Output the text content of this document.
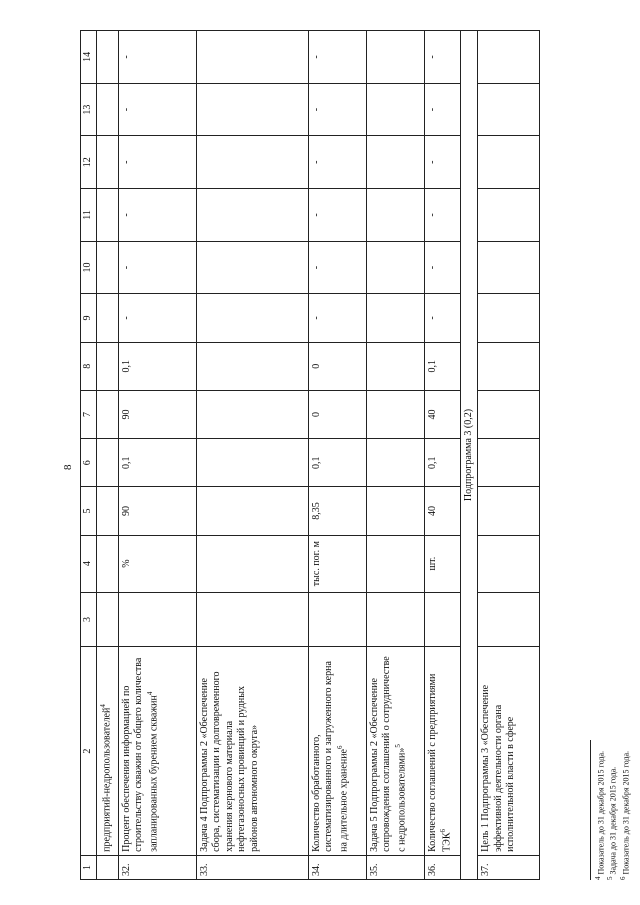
8
1	2	3	4	5	6	7	8	9	10	11	12	13	14
	предприятий-недропользователей$^4$												
32.	Процент обеспечения информацией по строительству скважин от общего количества запланированных бурением скважин$^4$		%	90	0,1	90	0,1	-	-	-	-	-	-
33.	Задача 4 Подпрограммы 2 «Обеспечение сбора, систематизации и долговременного хранения кернового материала нефтегазоносных провинций и рудных районов автономного округа»												
34.	Количество обработанного, систематизированного и загруженного керна на длительное хранение$^6$		тыс. пог. м	8,35	0,1	0	0	-	-	-	-	-	-
35.	Задача 5 Подпрограммы 2 «Обеспечение сопровождения соглашений о сотрудничестве с недропользователями»$^5$												
36.	Количество соглашений с предприятиями ТЭК$^6$		шт.	40	0,1	40	0,1	-	-	-	-	-	-
Подпрограмма 3 (0,2)													
37.	Цель 1 Подпрограммы 3 «Обеспечение эффективной деятельности органа исполнительной власти в сфере												
$^4$ Показатель до 31 декабря 2015 года.
$^5$ Задача до 31 декабря 2015 года.
$^6$ Показатель до 31 декабря 2015 года.
